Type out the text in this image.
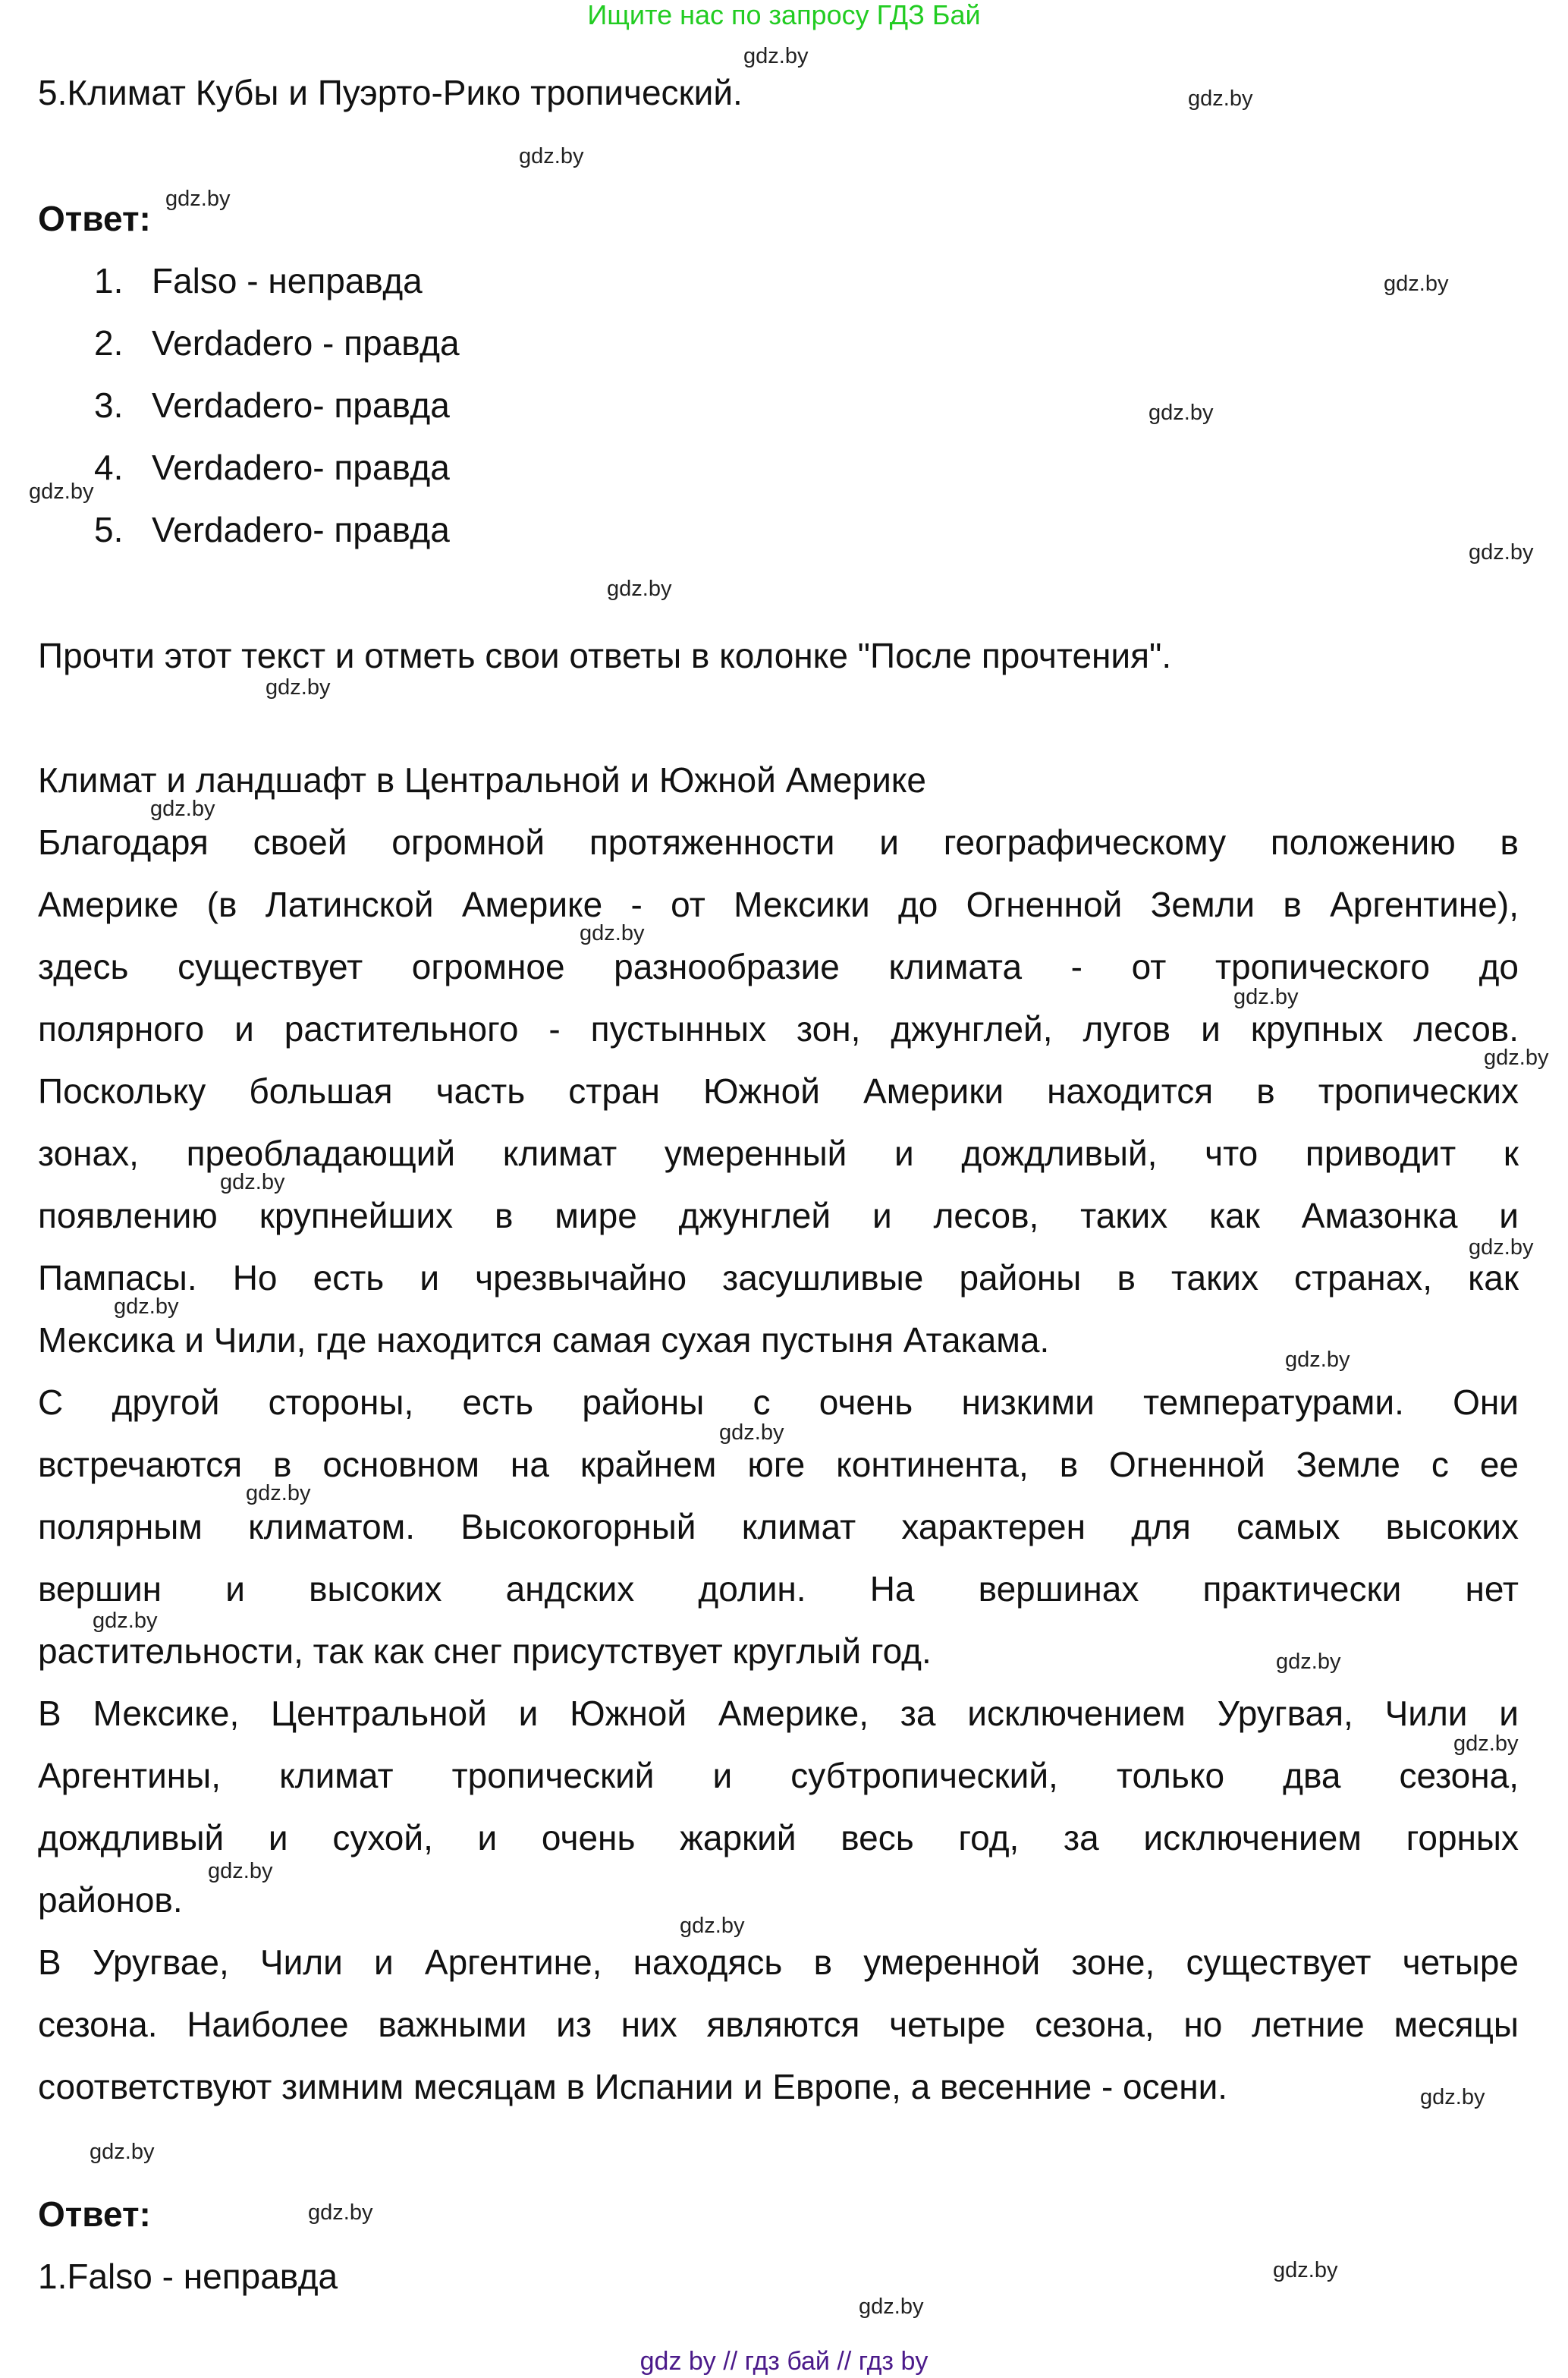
Ищите нас по запросу ГДЗ Бай
5.Климат Кубы и Пуэрто-Рико тропический.
Ответ:
1. Falso - неправда
2. Verdadero - правда
3. Verdadero- правда
4. Verdadero- правда
5. Verdadero- правда
Прочти этот текст и отметь свои ответы в колонке "После прочтения".
Климат и ландшафт в Центральной и Южной Америке
Благодаря своей огромной протяженности и географическому положению в
Америке (в Латинской Америке - от Мексики до Огненной Земли в Аргентине),
здесь существует огромное разнообразие климата - от тропического до
полярного и растительного - пустынных зон, джунглей, лугов и крупных лесов.
Поскольку большая часть стран Южной Америки находится в тропических
зонах, преобладающий климат умеренный и дождливый, что приводит к
появлению крупнейших в мире джунглей и лесов, таких как Амазонка и
Пампасы. Но есть и чрезвычайно засушливые районы в таких странах, как
Мексика и Чили, где находится самая сухая пустыня Атакама.
С другой стороны, есть районы с очень низкими температурами. Они
встречаются в основном на крайнем юге континента, в Огненной Земле с ее
полярным климатом. Высокогорный климат характерен для самых высоких
вершин и высоких андских долин. На вершинах практически нет
растительности, так как снег присутствует круглый год.
В Мексике, Центральной и Южной Америке, за исключением Уругвая, Чили и
Аргентины, климат тропический и субтропический, только два сезона,
дождливый и сухой, и очень жаркий весь год, за исключением горных
районов.
В Уругвае, Чили и Аргентине, находясь в умеренной зоне, существует четыре
сезона. Наиболее важными из них являются четыре сезона, но летние месяцы
соответствуют зимним месяцам в Испании и Европе, а весенние - осени.
Ответ:
1.Falso - неправда
gdz.by
gdz.by
gdz.by
gdz.by
gdz.by
gdz.by
gdz.by
gdz.by
gdz.by
gdz.by
gdz.by
gdz.by
gdz.by
gdz.by
gdz.by
gdz.by
gdz.by
gdz.by
gdz.by
gdz.by
gdz.by
gdz.by
gdz.by
gdz.by
gdz.by
gdz.by
gdz.by
gdz.by
gdz.by
gdz.by
gdz by // гдз бай // гдз by
